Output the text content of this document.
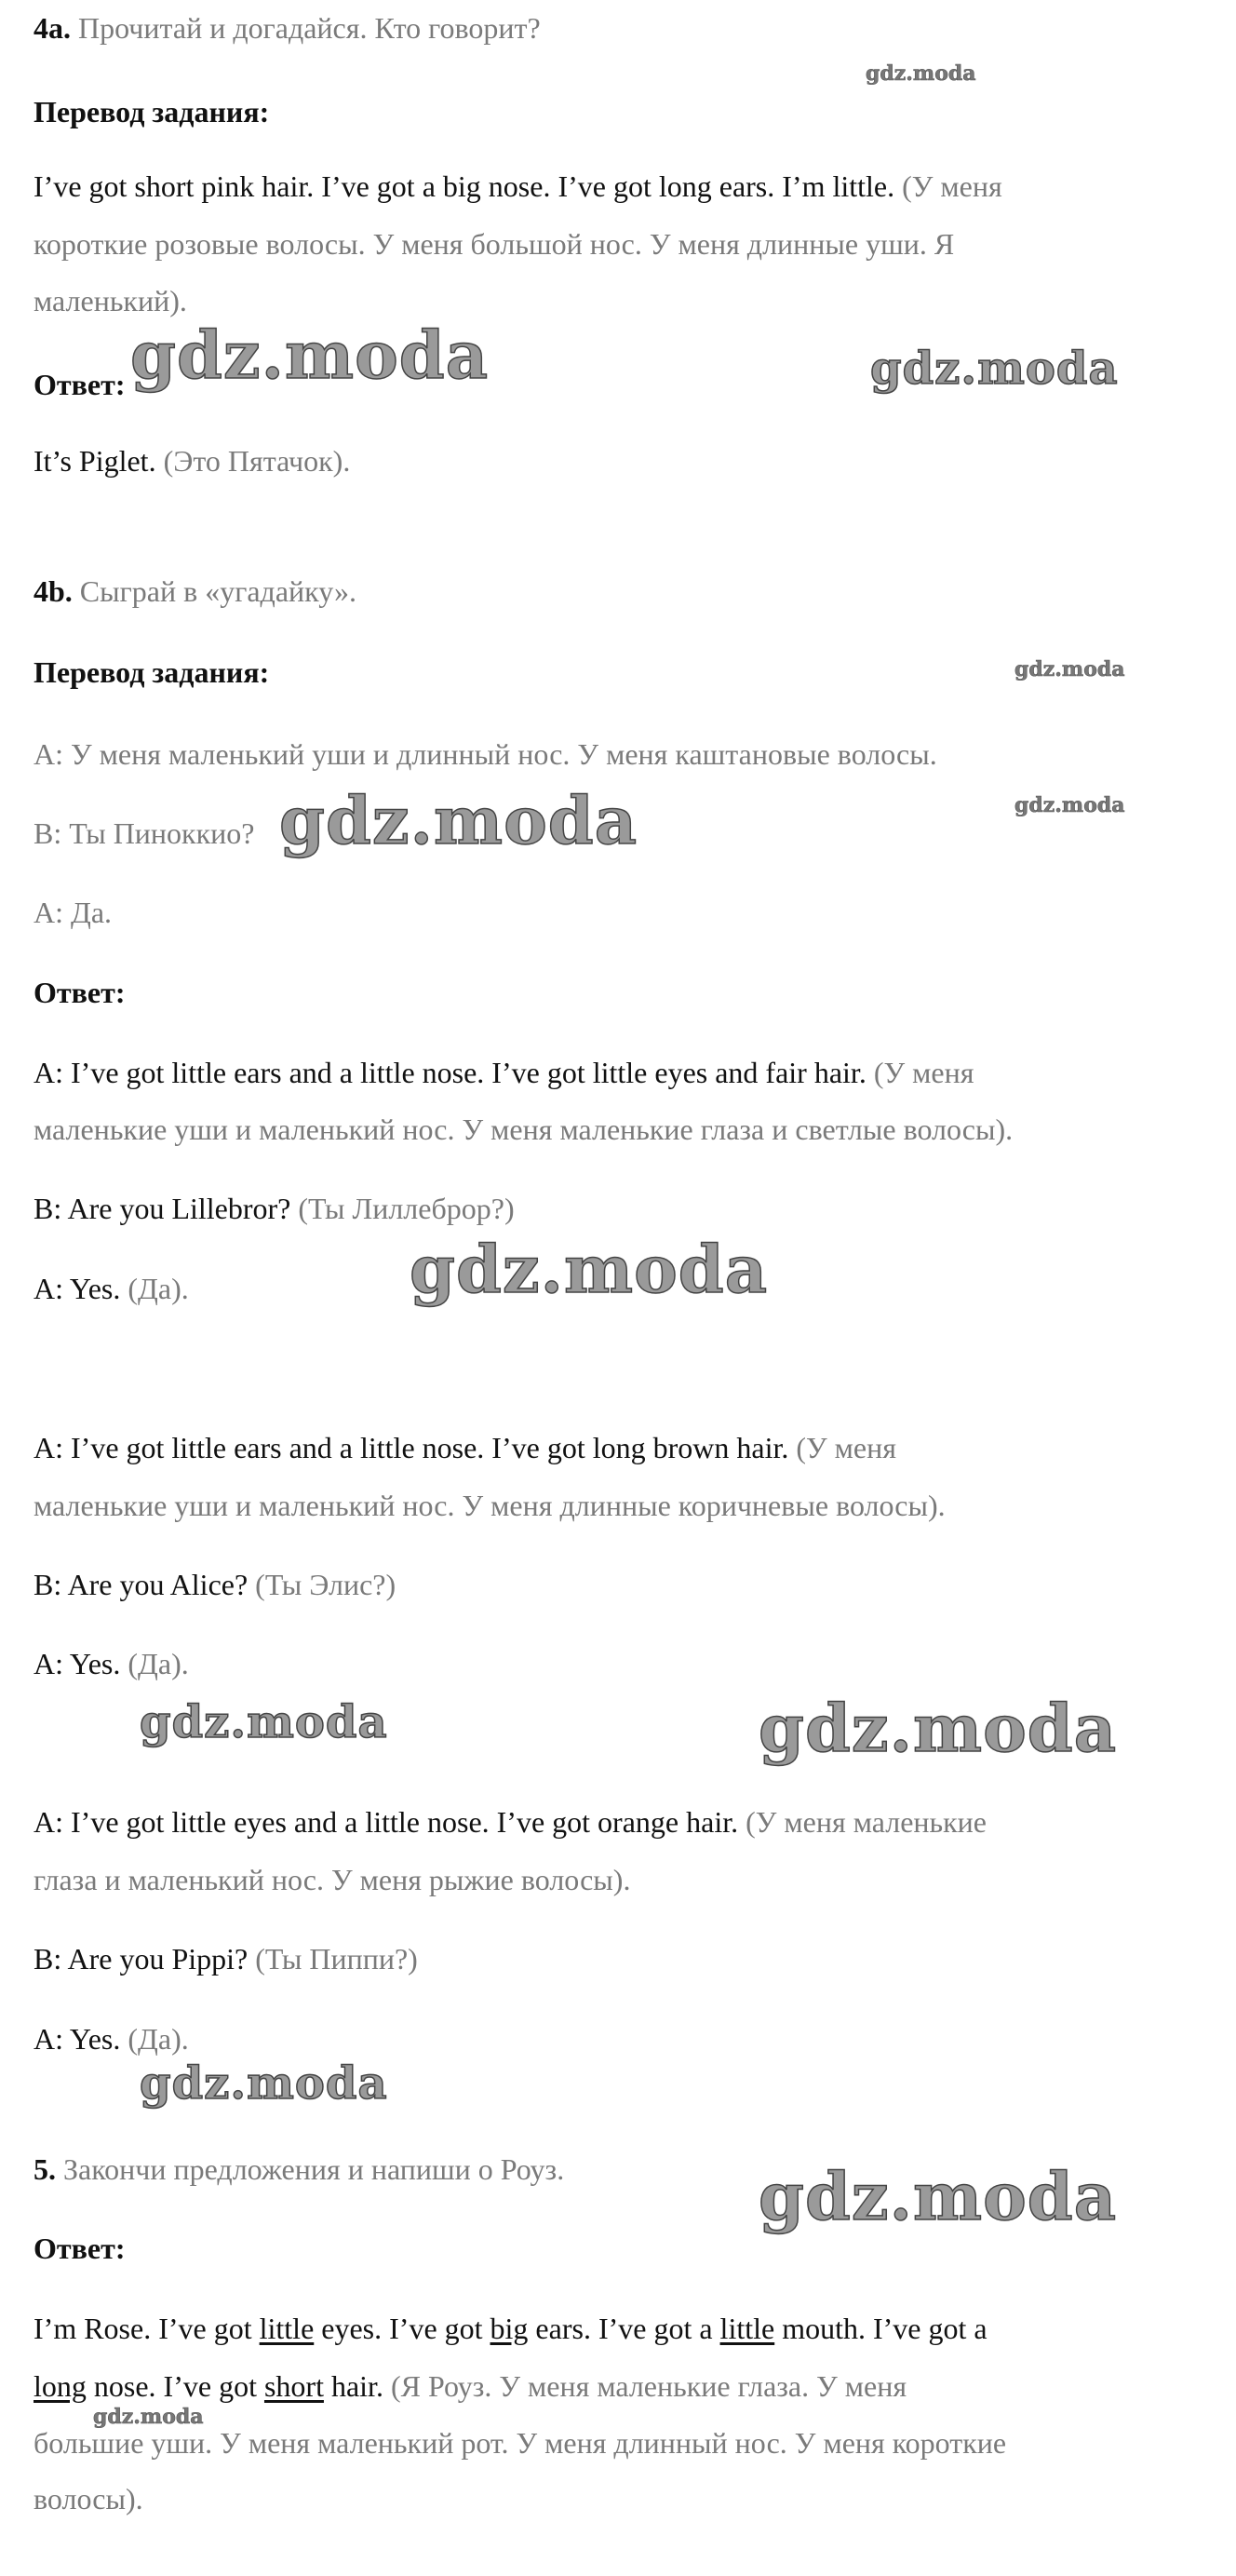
4a. Прочитай и догадайся. Кто говорит?
Перевод задания:
I’ve got short pink hair. I’ve got a big nose. I’ve got long ears. I’m little. (У меня
короткие розовые волосы. У меня большой нос. У меня длинные уши. Я
маленький).
Ответ:
It’s Piglet. (Это Пятачок).
4b. Сыграй в «угадайку».
Перевод задания:
A: У меня маленький уши и длинный нос. У меня каштановые волосы.
B: Ты Пиноккио?
A: Да.
Ответ:
A: I’ve got little ears and a little nose. I’ve got little eyes and fair hair. (У меня
маленькие уши и маленький нос. У меня маленькие глаза и светлые волосы).
B: Are you Lillebror? (Ты Лиллеброр?)
A: Yes. (Да).
A: I’ve got little ears and a little nose. I’ve got long brown hair. (У меня
маленькие уши и маленький нос. У меня длинные коричневые волосы).
B: Are you Alice? (Ты Элис?)
A: Yes. (Да).
A: I’ve got little eyes and a little nose. I’ve got orange hair. (У меня маленькие
глаза и маленький нос. У меня рыжие волосы).
B: Are you Pippi? (Ты Пиппи?)
A: Yes. (Да).
5. Закончи предложения и напиши о Роуз.
Ответ:
I’m Rose. I’ve got little eyes. I’ve got big ears. I’ve got a little mouth. I’ve got a
long nose. I’ve got short hair. (Я Роуз. У меня маленькие глаза. У меня
большие уши. У меня маленький рот. У меня длинный нос. У меня короткие
волосы).
gdz.moda
gdz.moda	gdz.moda
gdz.moda
gdz.moda
gdz.moda
gdz.moda
gdz.moda	gdz.moda
gdz.moda
gdz.moda
gdz.moda
